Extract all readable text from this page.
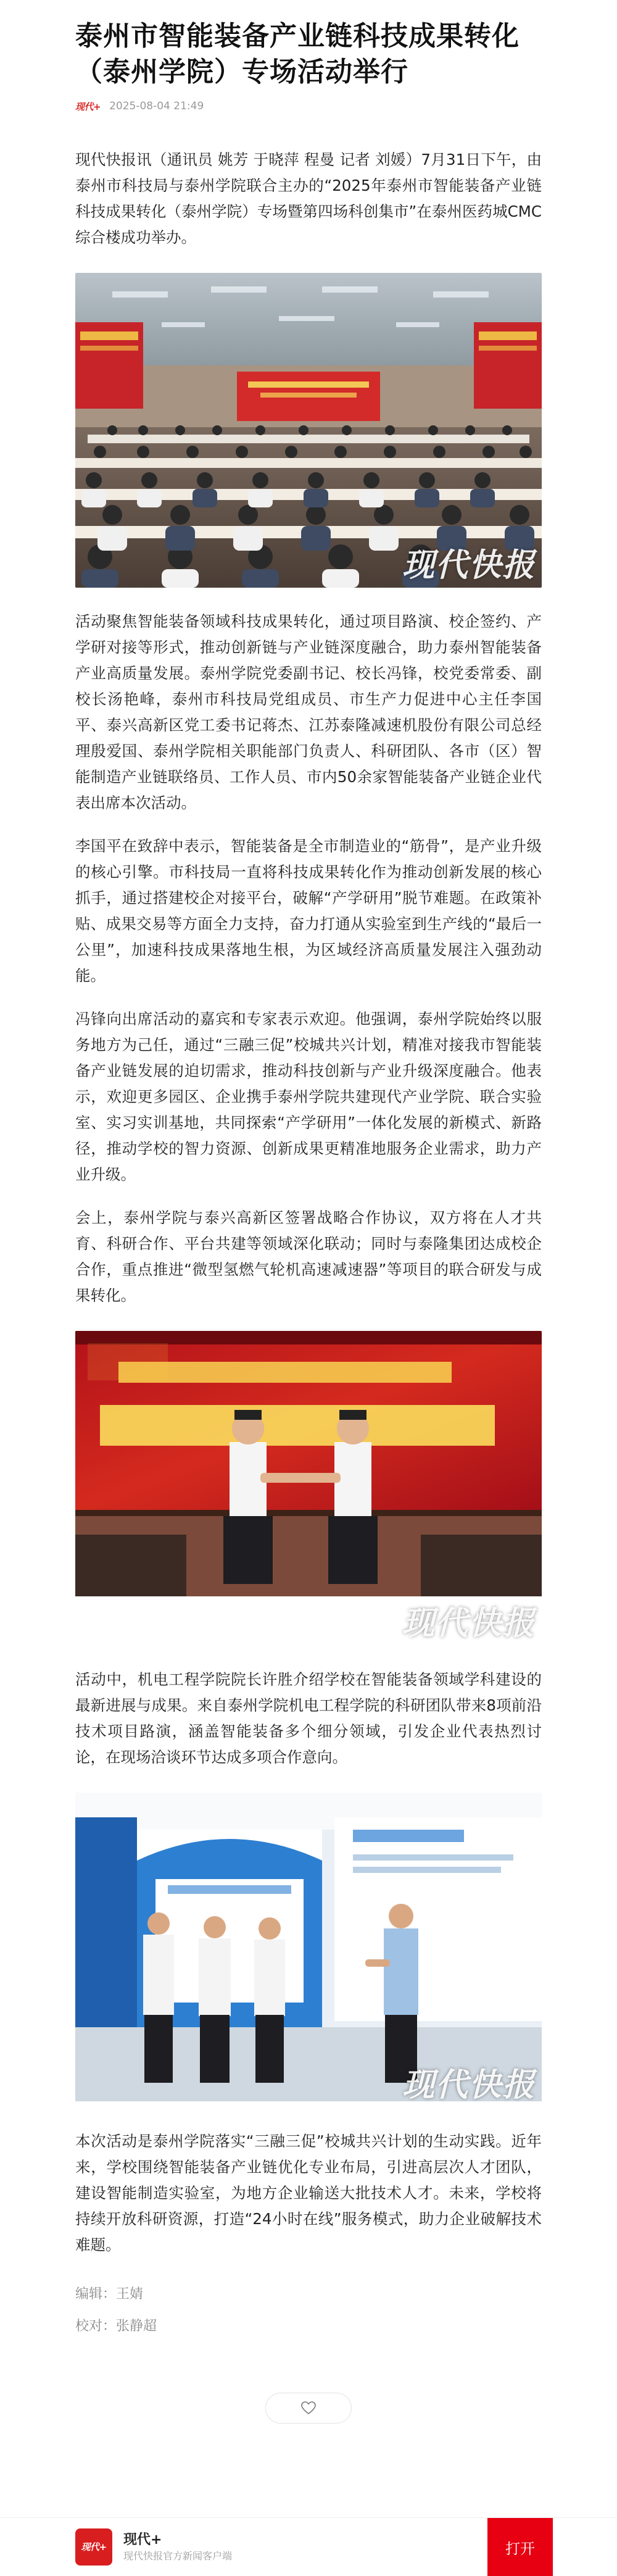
泰州市智能装备产业链科技成果转化（泰州学院）专场活动举行
现代+ 2025-08-04 21:49

现代快报讯（通讯员 姚芳 于晓萍 程曼 记者 刘媛）7月31日下午，由泰州市科技局与泰州学院联合主办的“2025年泰州市智能装备产业链科技成果转化（泰州学院）专场暨第四场科创集市”在泰州医药城CMC综合楼成功举办。

现代快报

活动聚焦智能装备领域科技成果转化，通过项目路演、校企签约、产学研对接等形式，推动创新链与产业链深度融合，助力泰州智能装备产业高质量发展。泰州学院党委副书记、校长冯锋，校党委常委、副校长汤艳峰，泰州市科技局党组成员、市生产力促进中心主任李国平、泰兴高新区党工委书记蒋杰、江苏泰隆减速机股份有限公司总经理殷爱国、泰州学院相关职能部门负责人、科研团队、各市（区）智能制造产业链联络员、工作人员、市内50余家智能装备产业链企业代表出席本次活动。

李国平在致辞中表示，智能装备是全市制造业的“筋骨”，是产业升级的核心引擎。市科技局一直将科技成果转化作为推动创新发展的核心抓手，通过搭建校企对接平台，破解“产学研用”脱节难题。在政策补贴、成果交易等方面全力支持，奋力打通从实验室到生产线的“最后一公里”，加速科技成果落地生根，为区域经济高质量发展注入强劲动能。

冯锋向出席活动的嘉宾和专家表示欢迎。他强调，泰州学院始终以服务地方为己任，通过“三融三促”校城共兴计划，精准对接我市智能装备产业链发展的迫切需求，推动科技创新与产业升级深度融合。他表示，欢迎更多园区、企业携手泰州学院共建现代产业学院、联合实验室、实习实训基地，共同探索“产学研用”一体化发展的新模式、新路径，推动学校的智力资源、创新成果更精准地服务企业需求，助力产业升级。

会上，泰州学院与泰兴高新区签署战略合作协议，双方将在人才共育、科研合作、平台共建等领域深化联动；同时与泰隆集团达成校企合作，重点推进“微型氢燃气轮机高速减速器”等项目的联合研发与成果转化。

现代快报

活动中，机电工程学院院长许胜介绍学校在智能装备领域学科建设的最新进展与成果。来自泰州学院机电工程学院的科研团队带来8项前沿技术项目路演，涵盖智能装备多个细分领域，引发企业代表热烈讨论，在现场洽谈环节达成多项合作意向。

现代快报

本次活动是泰州学院落实“三融三促”校城共兴计划的生动实践。近年来，学校围绕智能装备产业链优化专业布局，引进高层次人才团队，建设智能制造实验室，为地方企业输送大批技术人才。未来，学校将持续开放科研资源，打造“24小时在线”服务模式，助力企业破解技术难题。

编辑：王婧
校对：张静超
现代+	现代+
现代快报官方新闻客户端	打开
